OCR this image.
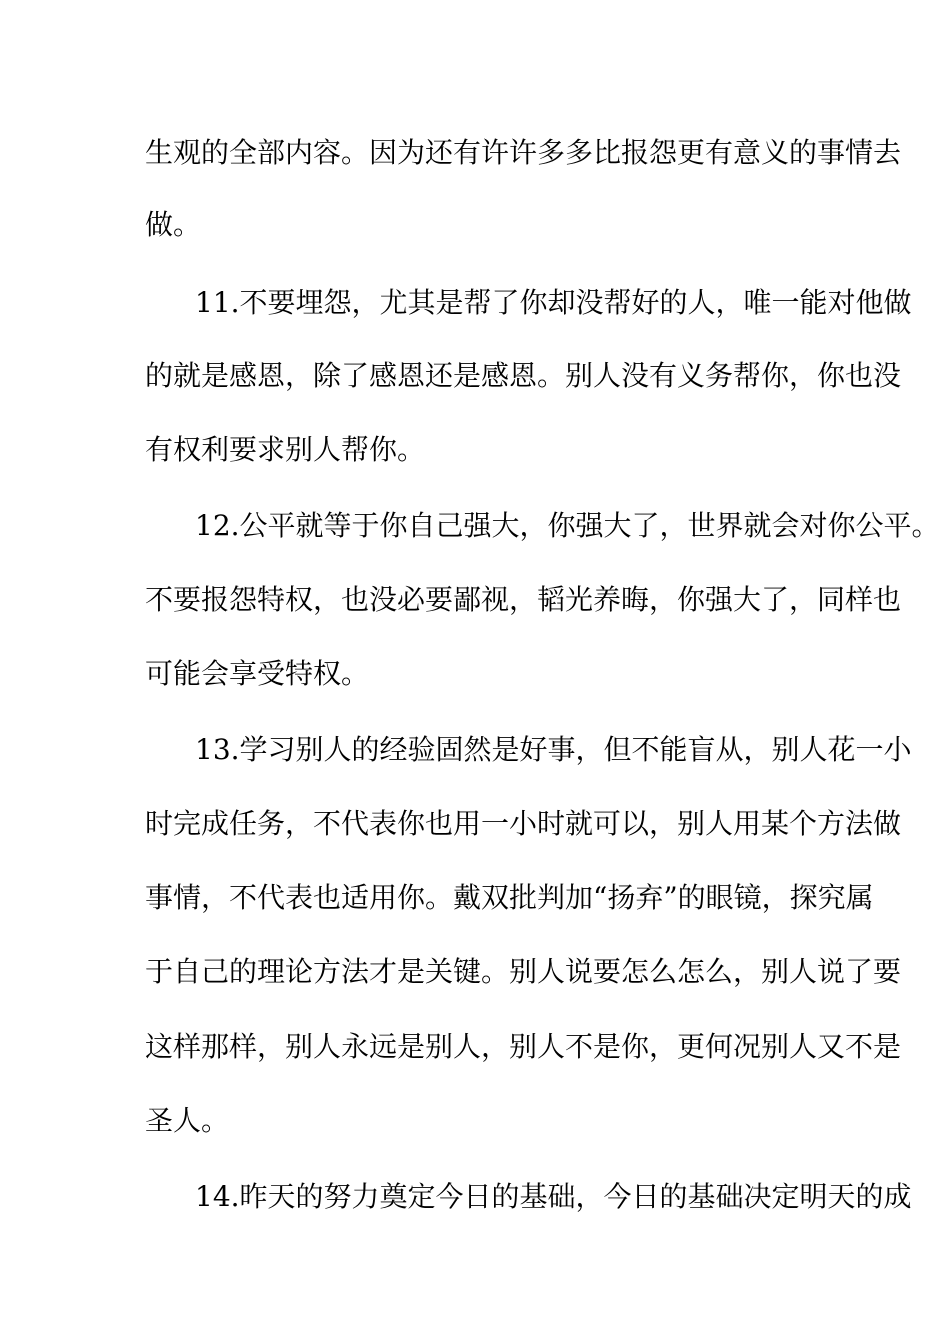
生观的全部内容。因为还有许许多多比报怨更有意义的事情去
做。
11.不要埋怨，尤其是帮了你却没帮好的人，唯一能对他做
的就是感恩，除了感恩还是感恩。别人没有义务帮你，你也没
有权利要求别人帮你。
12.公平就等于你自己强大，你强大了，世界就会对你公平。
不要报怨特权，也没必要鄙视，韬光养晦，你强大了，同样也
可能会享受特权。
13.学习别人的经验固然是好事，但不能盲从，别人花一小
时完成任务，不代表你也用一小时就可以，别人用某个方法做
事情，不代表也适用你。戴双批判加“扬弃”的眼镜，探究属
于自己的理论方法才是关键。别人说要怎么怎么，别人说了要
这样那样，别人永远是别人，别人不是你，更何况别人又不是
圣人。
14.昨天的努力奠定今日的基础，今日的基础决定明天的成
